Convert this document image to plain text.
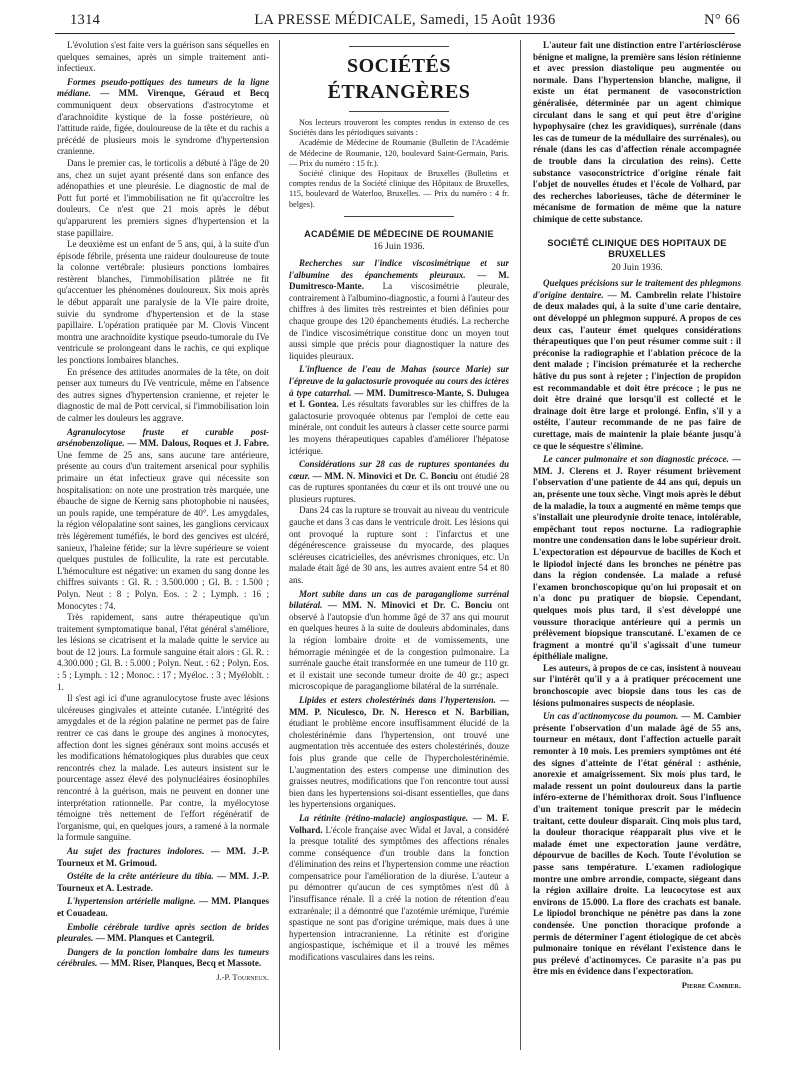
1314	LA PRESSE MÉDICALE, Samedi, 15 Août 1936	N° 66

L'évolution s'est faite vers la guérison sans séquelles en quelques semaines, après un simple traitement anti-infectieux.

Formes pseudo-pottiques des tumeurs de la ligne médiane. — MM. Virenque, Géraud et Becq communiquent deux observations d'astrocytome et d'arachnoïdite kystique de la fosse postérieure, où l'attitude raide, figée, douloureuse de la tête et du rachis a précédé de plusieurs mois le syndrome d'hypertension cranienne.

Dans le premier cas, le torticolis a débuté à l'âge de 20 ans, chez un sujet ayant présenté dans son enfance des adénopathies et une pleurésie. Le diagnostic de mal de Pott fut porté et l'immobilisation ne fit qu'accroître les douleurs. Ce n'est que 21 mois après le début qu'apparurent les premiers signes d'hypertension et la stase papillaire.

Le deuxième est un enfant de 5 ans, qui, à la suite d'un épisode fébrile, présenta une raideur douloureuse de toute la colonne vertébrale: plusieurs ponctions lombaires restèrent blanches, l'immobilisation plâtrée ne fit qu'accentuer les phénomènes douloureux. Six mois après le début apparaît une paralysie de la VIe paire droite, suivie du syndrome d'hypertension et de la stase papillaire. L'opération pratiquée par M. Clovis Vincent montra une arachnoïdite kystique pseudo-tumorale du IVe ventricule se prolongeant dans le rachis, ce qui explique les ponctions lombaires blanches.

En présence des attitudes anormales de la tête, on doit penser aux tumeurs du IVe ventricule, même en l'absence des autres signes d'hypertension cranienne, et rejeter le diagnostic de mal de Pott cervical, si l'immobilisation loin de calmer les douleurs les aggrave.

Agranulocytose fruste et curable post-arsénobenzolique. — MM. Dalous, Roques et J. Fabre. Une femme de 25 ans, sans aucune tare antérieure, présente au cours d'un traitement arsenical pour syphilis primaire un état infectieux grave qui nécessite son hospitalisation: on note une prostration très marquée, une ébauche de signe de Kernig sans photophobie ni nausées, un pouls rapide, une température de 40°. Les amygdales, la région vélopalatine sont saines, les ganglions cervicaux très légèrement tuméfiés, le bord des gencives est ulcéré, sanieux, l'haleine fétide; sur la lèvre supérieure se voient quelques pustules de folliculite, la rate est percutable. L'hémoculture est négative: un examen du sang donne les chiffres suivants : Gl. R. : 3.500.000 ; Gl. B. : 1.500 ; Polyn. Neut : 8 ; Polyn. Eos. : 2 ; Lymph. : 16 ; Monocytes : 74.

Très rapidement, sans autre thérapeutique qu'un traitement symptomatique banal, l'état général s'améliore, les lésions se cicatrisent et la malade quitte le service au bout de 12 jours. La formule sanguine était alors : Gl. R. : 4.300.000 ; Gl. B. : 5.000 ; Polyn. Neut. : 62 ; Polyn. Eos. : 5 ; Lymph. : 12 ; Monoc. : 17 ; Myéloc. : 3 ; Myéloblt. : 1.

Il s'est agi ici d'une agranulocytose fruste avec lésions ulcéreuses gingivales et atteinte cutanée. L'intégrité des amygdales et de la région palatine ne permet pas de faire rentrer ce cas dans le groupe des angines à monocytes, affection dont les signes généraux sont moins accusés et les modifications hématologiques plus durables que ceux rencontrés chez la malade. Les auteurs insistent sur le pourcentage assez élevé des polynucléaires éosinophiles rencontré à la guérison, mais ne peuvent en donner une interprétation rationnelle. Par contre, la myélocytose témoigne très nettement de l'effort régénératif de l'organisme, qui, en quelques jours, a ramené à la normale la formule sanguine.

Au sujet des fractures indolores. — MM. J.-P. Tourneux et M. Grimoud.

Ostéite de la crête antérieure du tibia. — MM. J.-P. Tourneux et A. Lestrade.

L'hypertension artérielle maligne. — MM. Planques et Couadeau.

Embolie cérébrale tardive après section de brides pleurales. — MM. Planques et Cantegril.

Dangers de la ponction lombaire dans les tumeurs cérébrales. — MM. Riser, Planques, Becq et Massote.

J.-P. Tourneux.
SOCIÉTÉS ÉTRANGÈRES

Nos lecteurs trouveront les comptes rendus in extenso de ces Sociétés dans les périodiques suivants :

Académie de Médecine de Roumanie (Bulletin de l'Académie de Médecine de Roumanie, 120, boulevard Saint-Germain, Paris. — Prix du numéro : 15 fr.).

Société clinique des Hopitaux de Bruxelles (Bulletins et comptes rendus de la Société clinique des Hôpitaux de Bruxelles, 115, boulevard de Waterloo, Bruxelles. — Prix du numéro : 4 fr. belges).

ACADÉMIE DE MÉDECINE DE ROUMANIE
16 Juin 1936.

Recherches sur l'indice viscosimétrique et sur l'albumine des épanchements pleuraux. — M. Dumitresco-Mante. La viscosimétrie pleurale, contrairement à l'albumino-diagnostic, a fourni à l'auteur des chiffres à des limites très restreintes et bien définies pour chaque groupe des 120 épanchements étudiés. La recherche de l'indice viscosimétrique constitue donc un moyen tout aussi simple que précis pour diagnostiquer la nature des liquides pleuraux.

L'influence de l'eau de Mahas (source Marie) sur l'épreuve de la galactosurie provoquée au cours des ictères à type catarrhal. — MM. Dumitresco-Mante, S. Dulugea et I. Gontea. Les résultats favorables sur les chiffres de la galactosurie provoquée obtenus par l'emploi de cette eau minérale, ont conduit les auteurs à classer cette source parmi les moyens thérapeutiques capables d'améliorer l'hépatose ictérique.

Considérations sur 28 cas de ruptures spontanées du cœur. — MM. N. Minovici et Dr. C. Bonciu ont étudié 28 cas de ruptures spontanées du cœur et ils ont trouvé une ou plusieurs ruptures.

Dans 24 cas la rupture se trouvait au niveau du ventricule gauche et dans 3 cas dans le ventricule droit. Les lésions qui ont provoqué la rupture sont : l'infarctus et une dégénérescence graisseuse du myocarde, des plaques scléreuses cicatricielles, des anévrismes chroniques, etc. Un malade était âgé de 30 ans, les autres avaient entre 54 et 80 ans.

Mort subite dans un cas de paragangliome surrénal bilatéral. — MM. N. Minovici et Dr. C. Bonciu ont observé à l'autopsie d'un homme âgé de 37 ans qui mourut en quelques heures à la suite de douleurs abdominales, dans la région lombaire droite et de vomissements, une hémorragie méningée et de la congestion pulmonaire. La surrénale gauche était transformée en une tumeur de 110 gr. et il existait une seconde tumeur droite de 40 gr.; aspect microscopique de paragangliome bilatéral de la surrénale.

Lipides et esters cholestérinés dans l'hypertension. — MM. P. Niculesco, Dr. N. Heresco et N. Barbilian, étudiant le problème encore insuffisamment élucidé de la cholestérinémie dans l'hypertension, ont trouvé une augmentation très accentuée des esters cholestérinés, douze fois plus grande que celle de l'hypercholestérinémie. L'augmentation des esters compense une diminution des graisses neutres, modifications que l'on rencontre tout aussi bien dans les hypertensions soi-disant essentielles, que dans les hypertensions organiques.

La rétinite (rétino-malacie) angiospastique. — M. F. Volhard. L'école française avec Widal et Javal, a considéré la presque totalité des symptômes des affections rénales comme conséquence d'un trouble dans la fonction d'élimination des reins et l'hypertension comme une réaction compensatrice pour l'amélioration de la diurèse. L'auteur a pu démontrer qu'aucun de ces symptômes n'est dû à l'insuffisance rénale. Il a créé la notion de rétention d'eau extrarénale; il a démontré que l'azotémie urémique, l'urémie spastique ne sont pas d'origine urémique, mais dues à une hypertension intracranienne. La rétinite est d'origine angiospastique, ischémique et il a trouvé les mêmes modifications vasculaires dans les reins.

L'auteur fait une distinction entre l'artériosclérose bénigne et maligne, la première sans lésion rétinienne et avec pression diastolique peu augmentée ou normale. Dans l'hypertension blanche, maligne, il existe un état permanent de vasoconstriction généralisée, déterminée par un agent chimique circulant dans le sang et qui peut être d'origine hypophysaire (chez les gravidiques), surrénale (dans les cas de tumeur de la médullaire des surrénales), ou rénale (dans les cas d'affection rénale accompagnée de trouble dans la circulation des reins). Cette substance vasoconstrictrice d'origine rénale fait l'objet de nouvelles études et l'école de Volhard, par des recherches laborieuses, tâche de déterminer le mécanisme de formation de même que la nature chimique de cette substance.

SOCIÉTÉ CLINIQUE DES HOPITAUX DE BRUXELLES
20 Juin 1936.

Quelques précisions sur le traitement des phlegmons d'origine dentaire. — M. Cambrelin relate l'histoire de deux malades qui, à la suite d'une carie dentaire, ont développé un phlegmon suppuré. A propos de ces deux cas, l'auteur émet quelques considérations thérapeutiques que l'on peut résumer comme suit : il préconise la radiographie et l'ablation précoce de la dent malade ; l'incision prématurée et la recherche hâtive du pus sont à rejeter ; l'injection de propidon est recommandable et doit être précoce ; le pus ne doit être drainé que lorsqu'il est collecté et le drainage doit être large et prolongé. Enfin, s'il y a ostéite, l'auteur recommande de ne pas faire de curettage, mais de maintenir la plaie béante jusqu'à ce que le séquestre s'élimine.

Le cancer pulmonaire et son diagnostic précoce. — MM. J. Clerens et J. Royer résument brièvement l'observation d'une patiente de 44 ans qui, depuis un an, présente une toux sèche. Vingt mois après le début de la maladie, la toux a augmenté en même temps que s'installait une pleurodynie droite tenace, intolérable, empêchant tout repos nocturne. La radiographie montre une condensation dans le lobe supérieur droit. L'expectoration est dépourvue de bacilles de Koch et le lipiodol injecté dans les bronches ne pénètre pas dans la région condensée. La malade a refusé l'examen bronchoscopique qu'on lui proposait et on n'a donc pu pratiquer de biopsie. Cependant, quelques mois plus tard, il s'est développé une voussure thoracique antérieure qui a permis un prélèvement biopsique transcutané. L'examen de ce fragment a montré qu'il s'agissait d'une tumeur épithéliale maligne.

Les auteurs, à propos de ce cas, insistent à nouveau sur l'intérêt qu'il y a à pratiquer précocement une bronchoscopie avec biopsie dans tous les cas de lésions pulmonaires suspects de néoplasie.

Un cas d'actinomycose du poumon. — M. Cambier présente l'observation d'un malade âgé de 55 ans, tourneur en métaux, dont l'affection actuelle paraît remonter à 10 mois. Les premiers symptômes ont été des signes d'atteinte de l'état général : asthénie, anorexie et amaigrissement. Six mois plus tard, le malade ressent un point douloureux dans la partie inféro-externe de l'hémithorax droit. Sous l'influence d'un traitement tonique prescrit par le médecin traitant, cette douleur disparaît. Cinq mois plus tard, la douleur thoracique réapparaît plus vive et le malade émet une expectoration jaune verdâtre, dépourvue de bacilles de Koch. Toute l'évolution se passe sans température. L'examen radiologique montre une ombre arrondie, compacte, siégeant dans la région axillaire droite. La leucocytose est aux environs de 15.000. La flore des crachats est banale. Le lipiodol bronchique ne pénètre pas dans la zone condensée. Une ponction thoracique profonde a permis de déterminer l'agent étiologique de cet abcès pulmonaire tonique en révélant l'existence dans le pus prélevé d'actinomyces. Ce parasite n'a pas pu être mis en évidence dans l'expectoration.

Pierre Cambier.
